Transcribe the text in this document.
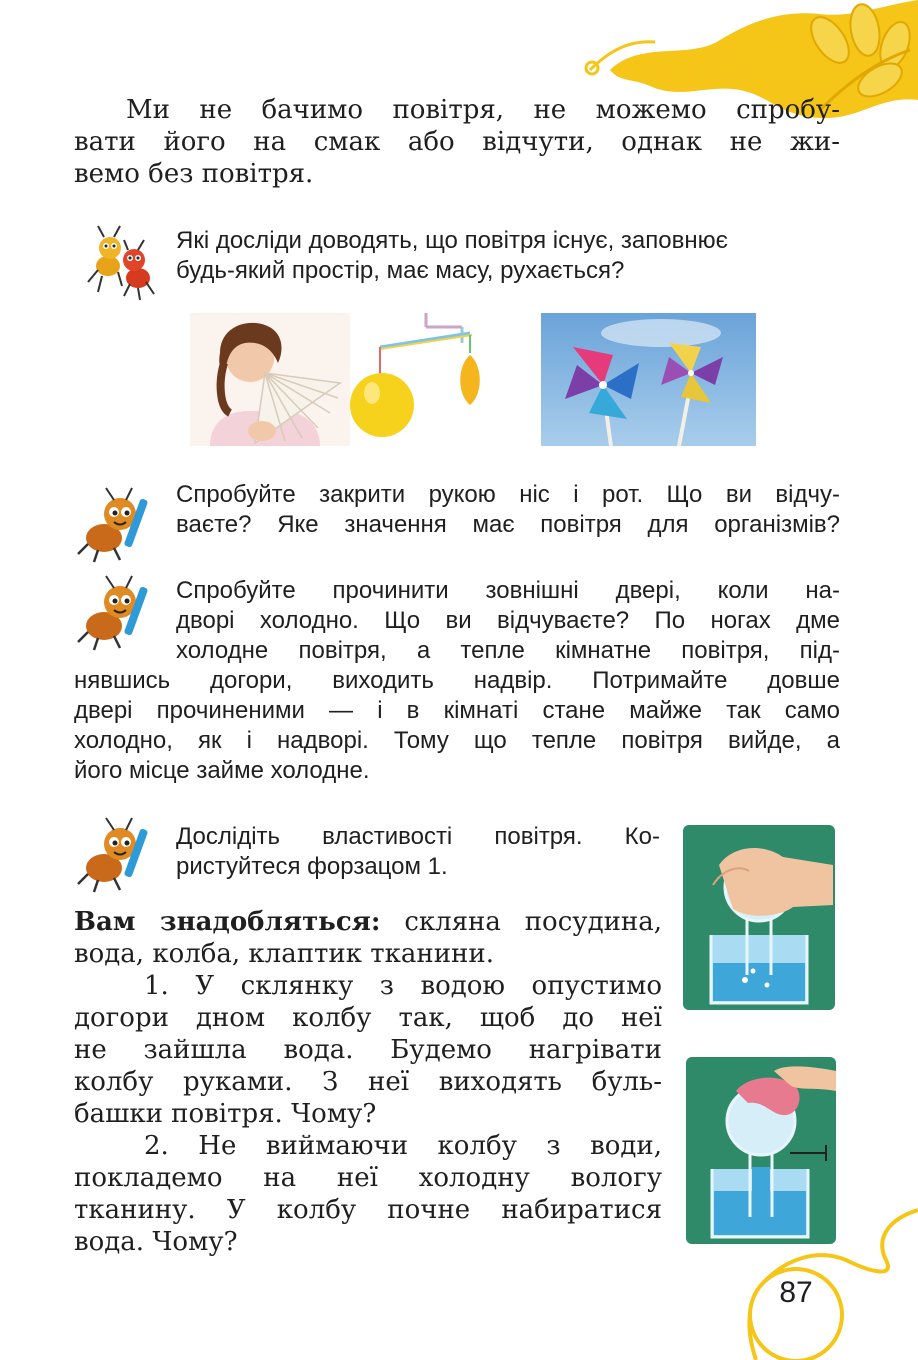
Ми не бачимо повітря, не можемо спробу-
вати його на смак або відчути, однак не жи-
вемо без повітря.
Які досліди доводять, що повітря існує, заповнює
будь-який простір, має масу, рухається?
Спробуйте закрити рукою ніс і рот. Що ви відчу-
ваєте? Яке значення має повітря для організмів?
Спробуйте прочинити зовнішні двері, коли на-
дворі холодно. Що ви відчуваєте? По ногах дме
холодне повітря, а тепле кімнатне повітря, під-
нявшись догори, виходить надвір. Потримайте довше
двері прочиненими — і в кімнаті стане майже так само
холодно, як і надворі. Тому що тепле повітря вийде, а
його місце займе холодне.
Дослідіть властивості повітря. Ко-
ристуйтеся форзацом 1.
Вам знадобляться: скляна посудина,
вода, колба, клаптик тканини.
1. У склянку з водою опустимо
догори дном колбу так, щоб до неї
не зайшла вода. Будемо нагрівати
колбу руками. З неї виходять буль-
башки повітря. Чому?
2. Не виймаючи колбу з води,
покладемо на неї холодну вологу
тканину. У колбу почне набиратися
вода. Чому?
87
